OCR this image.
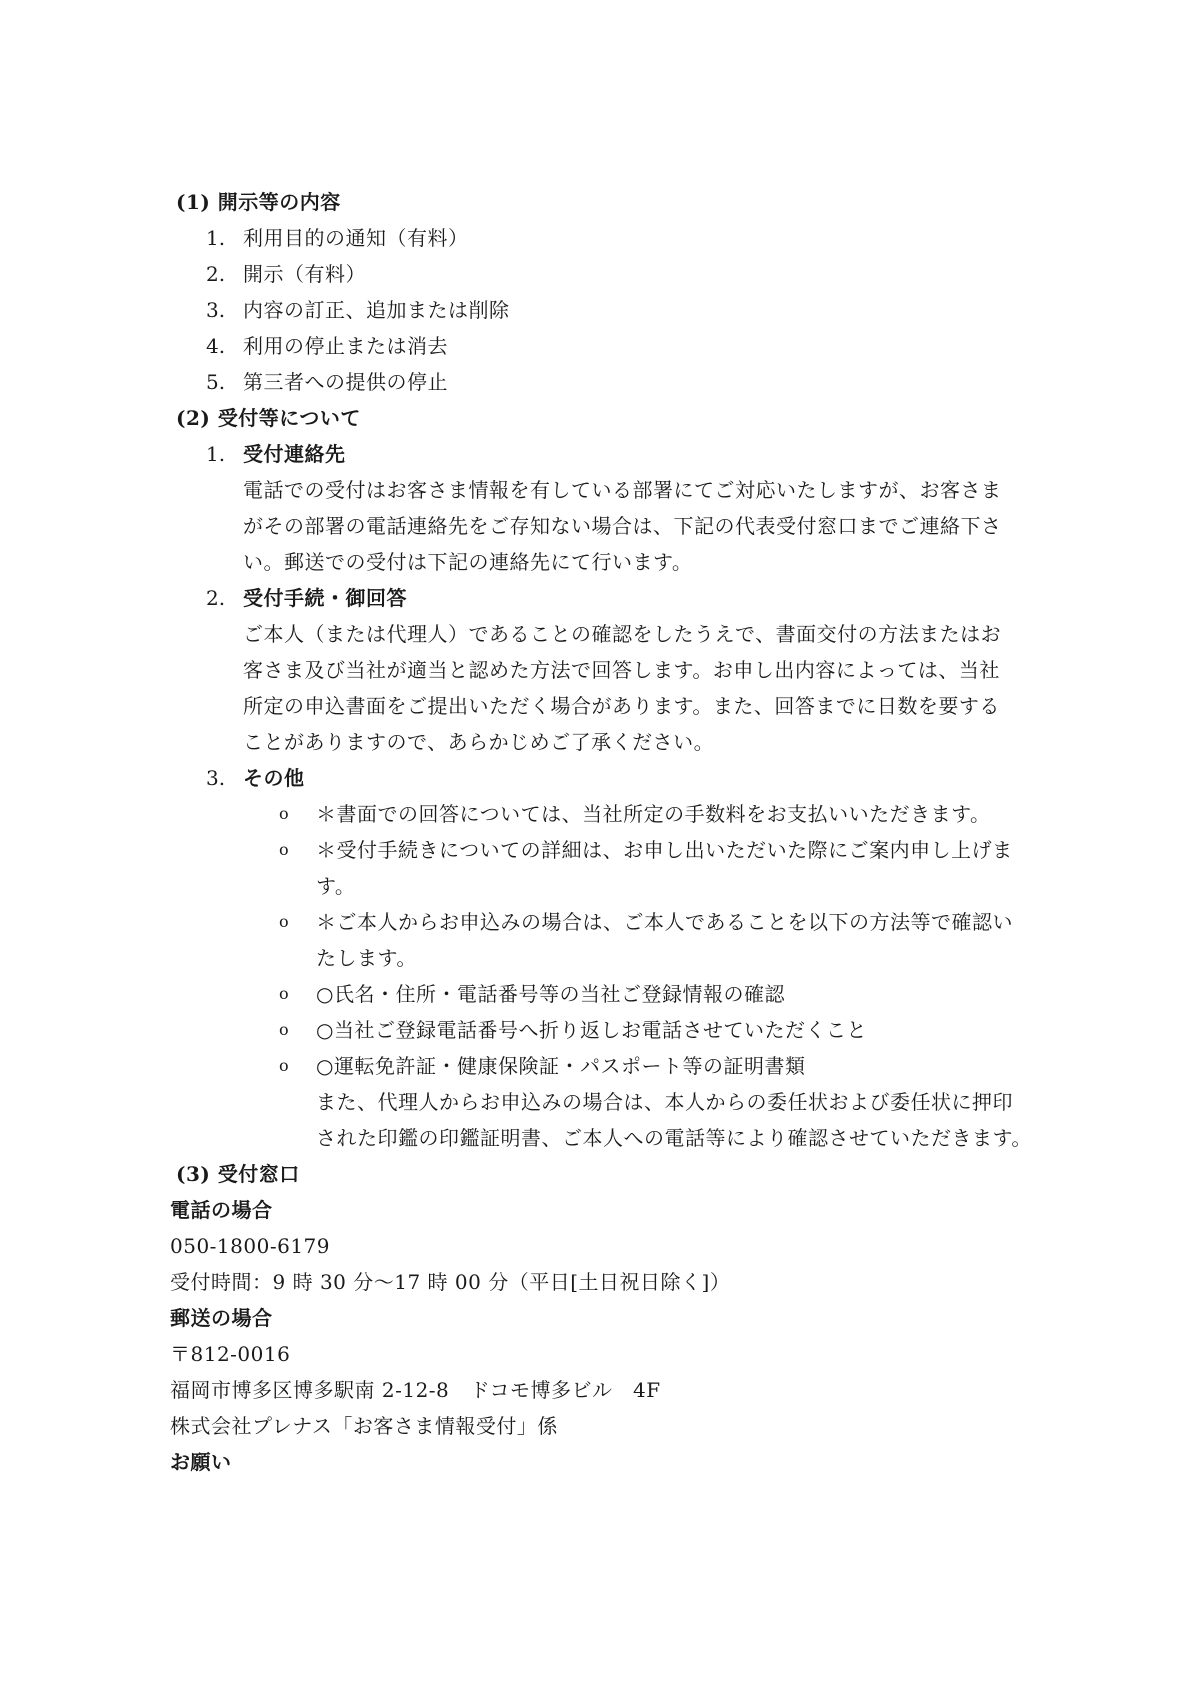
(1) 開示等の内容
1. 利用目的の通知（有料）
2. 開示（有料）
3. 内容の訂正、追加または削除
4. 利用の停止または消去
5. 第三者への提供の停止
(2) 受付等について
1. 受付連絡先
電話での受付はお客さま情報を有している部署にてご対応いたしますが、お客さま
がその部署の電話連絡先をご存知ない場合は、下記の代表受付窓口までご連絡下さ
い。郵送での受付は下記の連絡先にて行います。
2. 受付手続・御回答
ご本人（または代理人）であることの確認をしたうえで、書面交付の方法またはお
客さま及び当社が適当と認めた方法で回答します。お申し出内容によっては、当社
所定の申込書面をご提出いただく場合があります。また、回答までに日数を要する
ことがありますので、あらかじめご了承ください。
3. その他
o ＊書面での回答については、当社所定の手数料をお支払いいただきます。
o ＊受付手続きについての詳細は、お申し出いただいた際にご案内申し上げま
す。
o ＊ご本人からお申込みの場合は、ご本人であることを以下の方法等で確認い
たします。
o ○氏名・住所・電話番号等の当社ご登録情報の確認
o ○当社ご登録電話番号へ折り返しお電話させていただくこと
o ○運転免許証・健康保険証・パスポート等の証明書類
また、代理人からお申込みの場合は、本人からの委任状および委任状に押印
された印鑑の印鑑証明書、ご本人への電話等により確認させていただきます。
(3) 受付窓口
電話の場合
050-1800-6179
受付時間：9 時 30 分〜17 時 00 分（平日[土日祝日除く]）
郵送の場合
〒812-0016
福岡市博多区博多駅南 2-12-8　ドコモ博多ビル　4F
株式会社プレナス「お客さま情報受付」係
お願い
